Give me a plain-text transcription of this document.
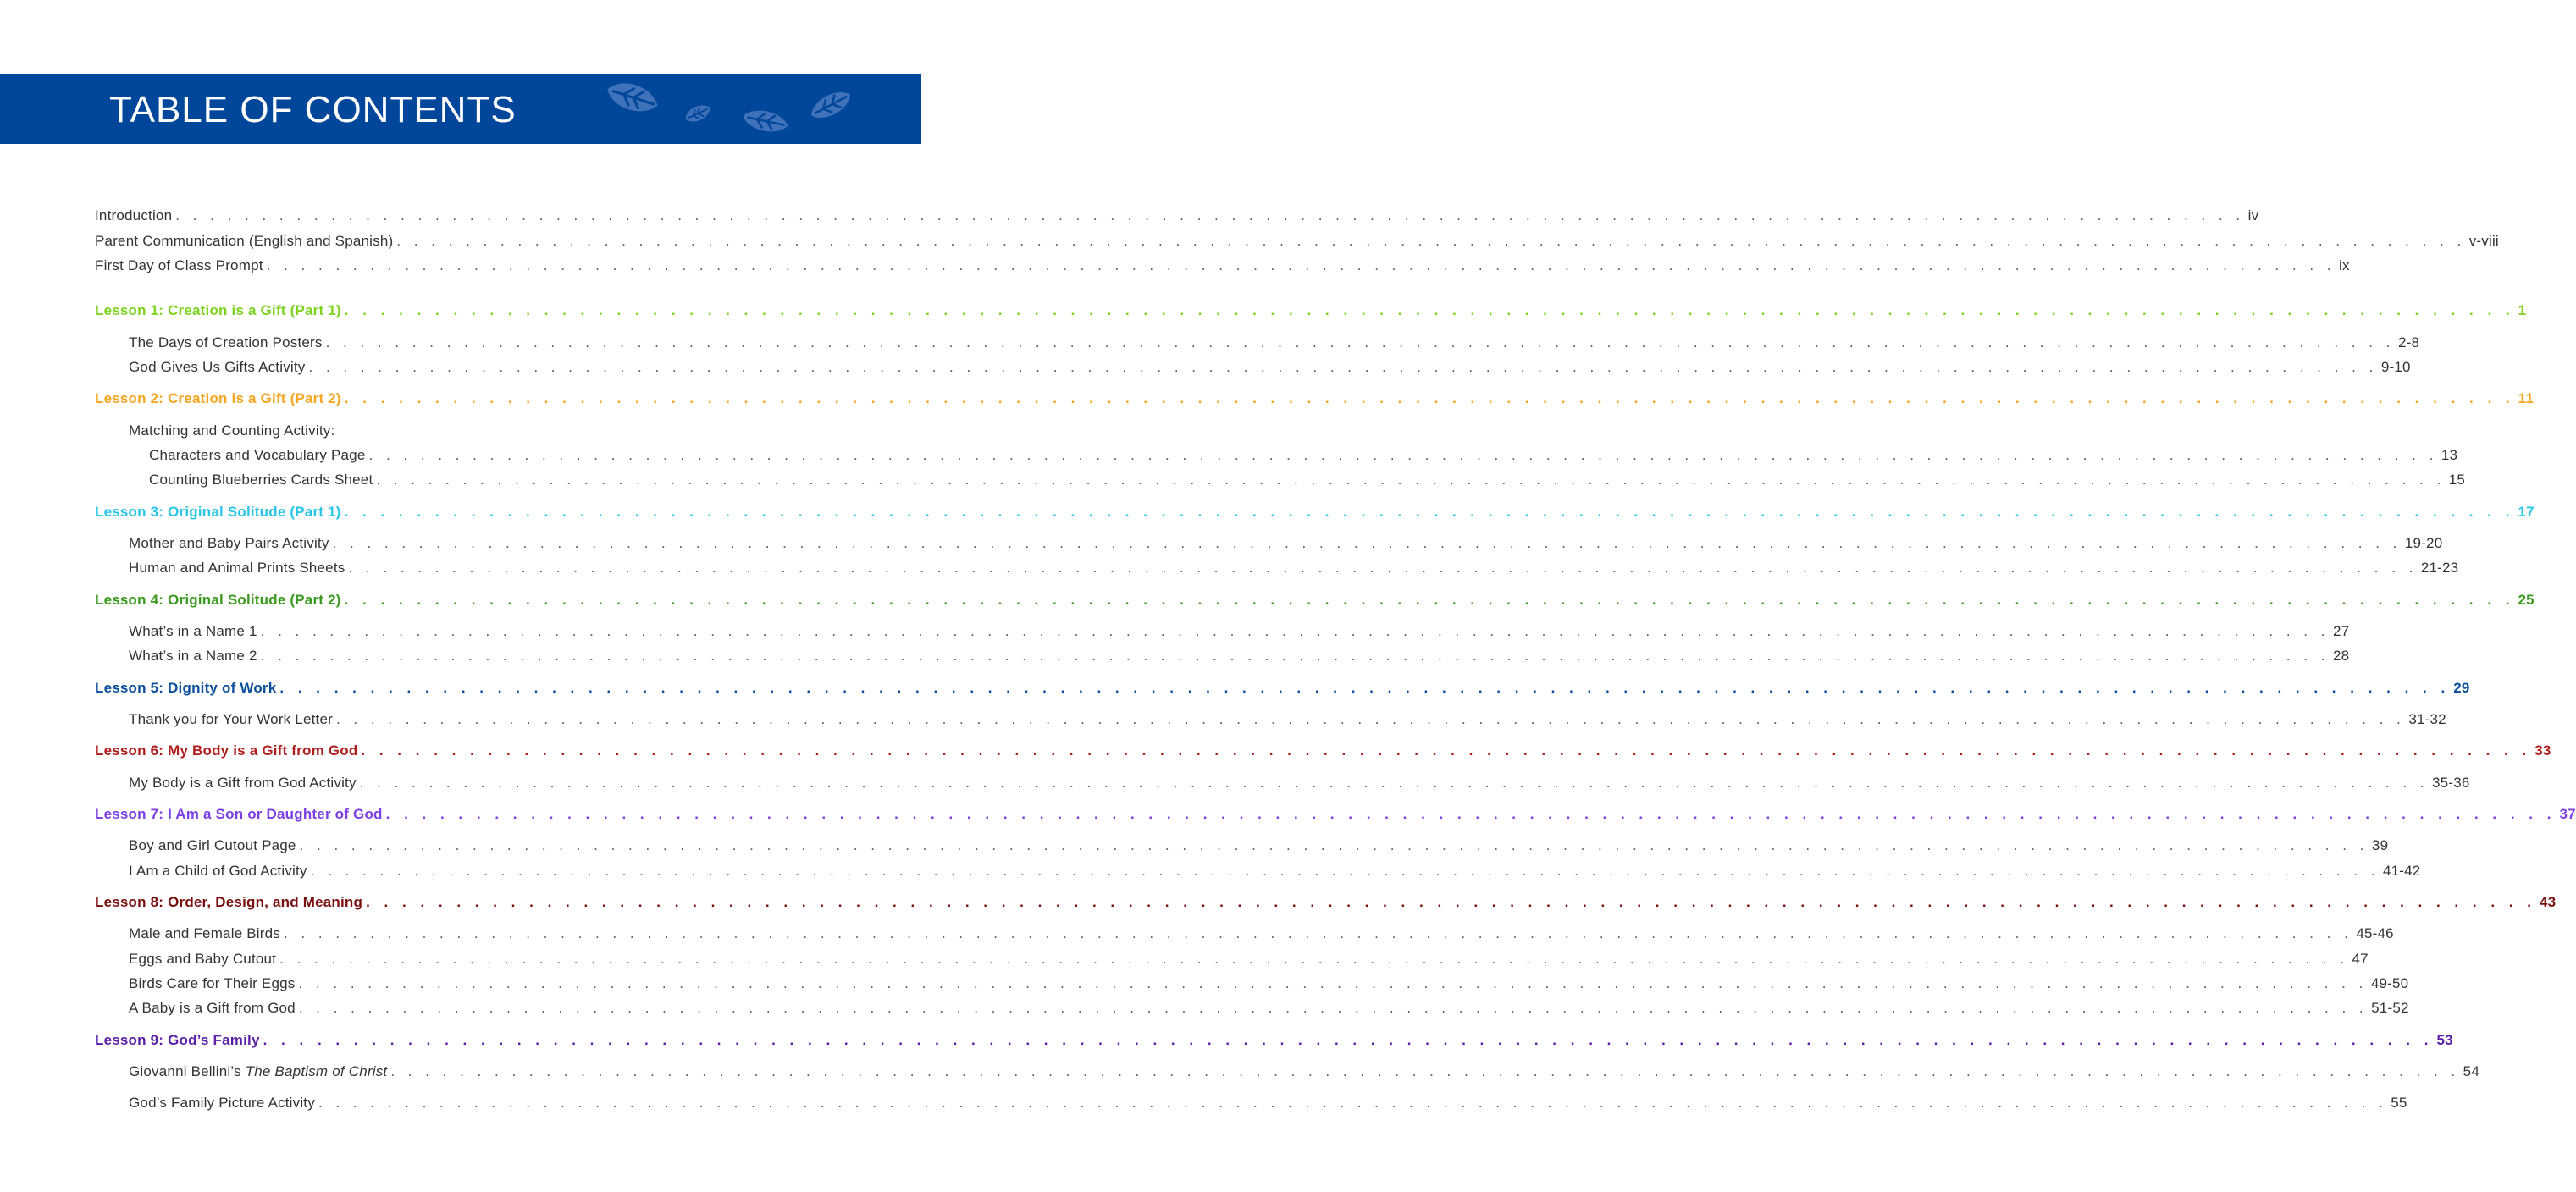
TABLE OF CONTENTS
Introduction . . . . . . . . . . . . . . . . . . . . . . . . . . . . . . . . . . . . . . . . . . . . . . . . . . . . . . . . . . . . . . . . . . . . . . . . . . . . . . . . . . . . . . . . . . . . . . . . . . . . . . . . . . . . . . . . . . . . . . . . iv
Parent Communication (English and Spanish) . . . . . . . . . . . . . . . . . . . . . . . . . . . . . . . . . . . . . . . . . . . . . . . . . . . . . . . . . . . . . . . . . . . . . . . . . . . . . . . . . . . . . . . . . . . . . . . . . . . . . . . . . . . . . . . . . . . . . . . . v-viii
First Day of Class Prompt . . . . . . . . . . . . . . . . . . . . . . . . . . . . . . . . . . . . . . . . . . . . . . . . . . . . . . . . . . . . . . . . . . . . . . . . . . . . . . . . . . . . . . . . . . . . . . . . . . . . . . . . . . . . . . . . . . . . . . . . ix
Lesson 1: Creation is a Gift (Part 1) . . . . . . . . . . . . . . . . . . . . . . . . . . . . . . . . . . . . . . . . . . . . . . . . . . . . . . . . . . . . . . . . . . . . . . . . . . . . . . . . . . . . . . . . . . . . . . . . . . . . . . . . . . . . . . . . . . . . . . . . 1
The Days of Creation Posters . . . . . . . . . . . . . . . . . . . . . . . . . . . . . . . . . . . . . . . . . . . . . . . . . . . . . . . . . . . . . . . . . . . . . . . . . . . . . . . . . . . . . . . . . . . . . . . . . . . . . . . . . . . . . . . . . . . . . . . . 2-8
God Gives Us Gifts Activity . . . . . . . . . . . . . . . . . . . . . . . . . . . . . . . . . . . . . . . . . . . . . . . . . . . . . . . . . . . . . . . . . . . . . . . . . . . . . . . . . . . . . . . . . . . . . . . . . . . . . . . . . . . . . . . . . . . . . . . . 9-10
Lesson 2: Creation is a Gift (Part 2) . . . . . . . . . . . . . . . . . . . . . . . . . . . . . . . . . . . . . . . . . . . . . . . . . . . . . . . . . . . . . . . . . . . . . . . . . . . . . . . . . . . . . . . . . . . . . . . . . . . . . . . . . . . . . . . . . . . . . . . . 11
Matching and Counting Activity:
Characters and Vocabulary Page . . . . . . . . . . . . . . . . . . . . . . . . . . . . . . . . . . . . . . . . . . . . . . . . . . . . . . . . . . . . . . . . . . . . . . . . . . . . . . . . . . . . . . . . . . . . . . . . . . . . . . . . . . . . . . . . . . . . . . . . 13
Counting Blueberries Cards Sheet . . . . . . . . . . . . . . . . . . . . . . . . . . . . . . . . . . . . . . . . . . . . . . . . . . . . . . . . . . . . . . . . . . . . . . . . . . . . . . . . . . . . . . . . . . . . . . . . . . . . . . . . . . . . . . . . . . . . . . . . 15
Lesson 3: Original Solitude (Part 1) . . . . . . . . . . . . . . . . . . . . . . . . . . . . . . . . . . . . . . . . . . . . . . . . . . . . . . . . . . . . . . . . . . . . . . . . . . . . . . . . . . . . . . . . . . . . . . . . . . . . . . . . . . . . . . . . . . . . . . . . 17
Mother and Baby Pairs Activity . . . . . . . . . . . . . . . . . . . . . . . . . . . . . . . . . . . . . . . . . . . . . . . . . . . . . . . . . . . . . . . . . . . . . . . . . . . . . . . . . . . . . . . . . . . . . . . . . . . . . . . . . . . . . . . . . . . . . . . . 19-20
Human and Animal Prints Sheets . . . . . . . . . . . . . . . . . . . . . . . . . . . . . . . . . . . . . . . . . . . . . . . . . . . . . . . . . . . . . . . . . . . . . . . . . . . . . . . . . . . . . . . . . . . . . . . . . . . . . . . . . . . . . . . . . . . . . . . . 21-23
Lesson 4: Original Solitude (Part 2) . . . . . . . . . . . . . . . . . . . . . . . . . . . . . . . . . . . . . . . . . . . . . . . . . . . . . . . . . . . . . . . . . . . . . . . . . . . . . . . . . . . . . . . . . . . . . . . . . . . . . . . . . . . . . . . . . . . . . . . . 25
What’s in a Name 1 . . . . . . . . . . . . . . . . . . . . . . . . . . . . . . . . . . . . . . . . . . . . . . . . . . . . . . . . . . . . . . . . . . . . . . . . . . . . . . . . . . . . . . . . . . . . . . . . . . . . . . . . . . . . . . . . . . . . . . . . 27
What’s in a Name 2 . . . . . . . . . . . . . . . . . . . . . . . . . . . . . . . . . . . . . . . . . . . . . . . . . . . . . . . . . . . . . . . . . . . . . . . . . . . . . . . . . . . . . . . . . . . . . . . . . . . . . . . . . . . . . . . . . . . . . . . . 28
Lesson 5: Dignity of Work . . . . . . . . . . . . . . . . . . . . . . . . . . . . . . . . . . . . . . . . . . . . . . . . . . . . . . . . . . . . . . . . . . . . . . . . . . . . . . . . . . . . . . . . . . . . . . . . . . . . . . . . . . . . . . . . . . . . . . . . 29
Thank you for Your Work Letter . . . . . . . . . . . . . . . . . . . . . . . . . . . . . . . . . . . . . . . . . . . . . . . . . . . . . . . . . . . . . . . . . . . . . . . . . . . . . . . . . . . . . . . . . . . . . . . . . . . . . . . . . . . . . . . . . . . . . . . . 31-32
Lesson 6: My Body is a Gift from God . . . . . . . . . . . . . . . . . . . . . . . . . . . . . . . . . . . . . . . . . . . . . . . . . . . . . . . . . . . . . . . . . . . . . . . . . . . . . . . . . . . . . . . . . . . . . . . . . . . . . . . . . . . . . . . . . . . . . . . . 33
My Body is a Gift from God Activity . . . . . . . . . . . . . . . . . . . . . . . . . . . . . . . . . . . . . . . . . . . . . . . . . . . . . . . . . . . . . . . . . . . . . . . . . . . . . . . . . . . . . . . . . . . . . . . . . . . . . . . . . . . . . . . . . . . . . . . . 35-36
Lesson 7: I Am a Son or Daughter of God . . . . . . . . . . . . . . . . . . . . . . . . . . . . . . . . . . . . . . . . . . . . . . . . . . . . . . . . . . . . . . . . . . . . . . . . . . . . . . . . . . . . . . . . . . . . . . . . . . . . . . . . . . . . . . . . . . . . . . . . 37
Boy and Girl Cutout Page . . . . . . . . . . . . . . . . . . . . . . . . . . . . . . . . . . . . . . . . . . . . . . . . . . . . . . . . . . . . . . . . . . . . . . . . . . . . . . . . . . . . . . . . . . . . . . . . . . . . . . . . . . . . . . . . . . . . . . . . 39
I Am a Child of God Activity . . . . . . . . . . . . . . . . . . . . . . . . . . . . . . . . . . . . . . . . . . . . . . . . . . . . . . . . . . . . . . . . . . . . . . . . . . . . . . . . . . . . . . . . . . . . . . . . . . . . . . . . . . . . . . . . . . . . . . . . 41-42
Lesson 8: Order, Design, and Meaning . . . . . . . . . . . . . . . . . . . . . . . . . . . . . . . . . . . . . . . . . . . . . . . . . . . . . . . . . . . . . . . . . . . . . . . . . . . . . . . . . . . . . . . . . . . . . . . . . . . . . . . . . . . . . . . . . . . . . . . . 43
Male and Female Birds . . . . . . . . . . . . . . . . . . . . . . . . . . . . . . . . . . . . . . . . . . . . . . . . . . . . . . . . . . . . . . . . . . . . . . . . . . . . . . . . . . . . . . . . . . . . . . . . . . . . . . . . . . . . . . . . . . . . . . . . 45-46
Eggs and Baby Cutout . . . . . . . . . . . . . . . . . . . . . . . . . . . . . . . . . . . . . . . . . . . . . . . . . . . . . . . . . . . . . . . . . . . . . . . . . . . . . . . . . . . . . . . . . . . . . . . . . . . . . . . . . . . . . . . . . . . . . . . . 47
Birds Care for Their Eggs . . . . . . . . . . . . . . . . . . . . . . . . . . . . . . . . . . . . . . . . . . . . . . . . . . . . . . . . . . . . . . . . . . . . . . . . . . . . . . . . . . . . . . . . . . . . . . . . . . . . . . . . . . . . . . . . . . . . . . . . 49-50
A Baby is a Gift from God . . . . . . . . . . . . . . . . . . . . . . . . . . . . . . . . . . . . . . . . . . . . . . . . . . . . . . . . . . . . . . . . . . . . . . . . . . . . . . . . . . . . . . . . . . . . . . . . . . . . . . . . . . . . . . . . . . . . . . . . 51-52
Lesson 9: God’s Family . . . . . . . . . . . . . . . . . . . . . . . . . . . . . . . . . . . . . . . . . . . . . . . . . . . . . . . . . . . . . . . . . . . . . . . . . . . . . . . . . . . . . . . . . . . . . . . . . . . . . . . . . . . . . . . . . . . . . . . . 53
Giovanni Bellini’s The Baptism of Christ . . . . . . . . . . . . . . . . . . . . . . . . . . . . . . . . . . . . . . . . . . . . . . . . . . . . . . . . . . . . . . . . . . . . . . . . . . . . . . . . . . . . . . . . . . . . . . . . . . . . . . . . . . . . . . . . . . . . . . . . 54
God’s Family Picture Activity . . . . . . . . . . . . . . . . . . . . . . . . . . . . . . . . . . . . . . . . . . . . . . . . . . . . . . . . . . . . . . . . . . . . . . . . . . . . . . . . . . . . . . . . . . . . . . . . . . . . . . . . . . . . . . . . . . . . . . . . 55
